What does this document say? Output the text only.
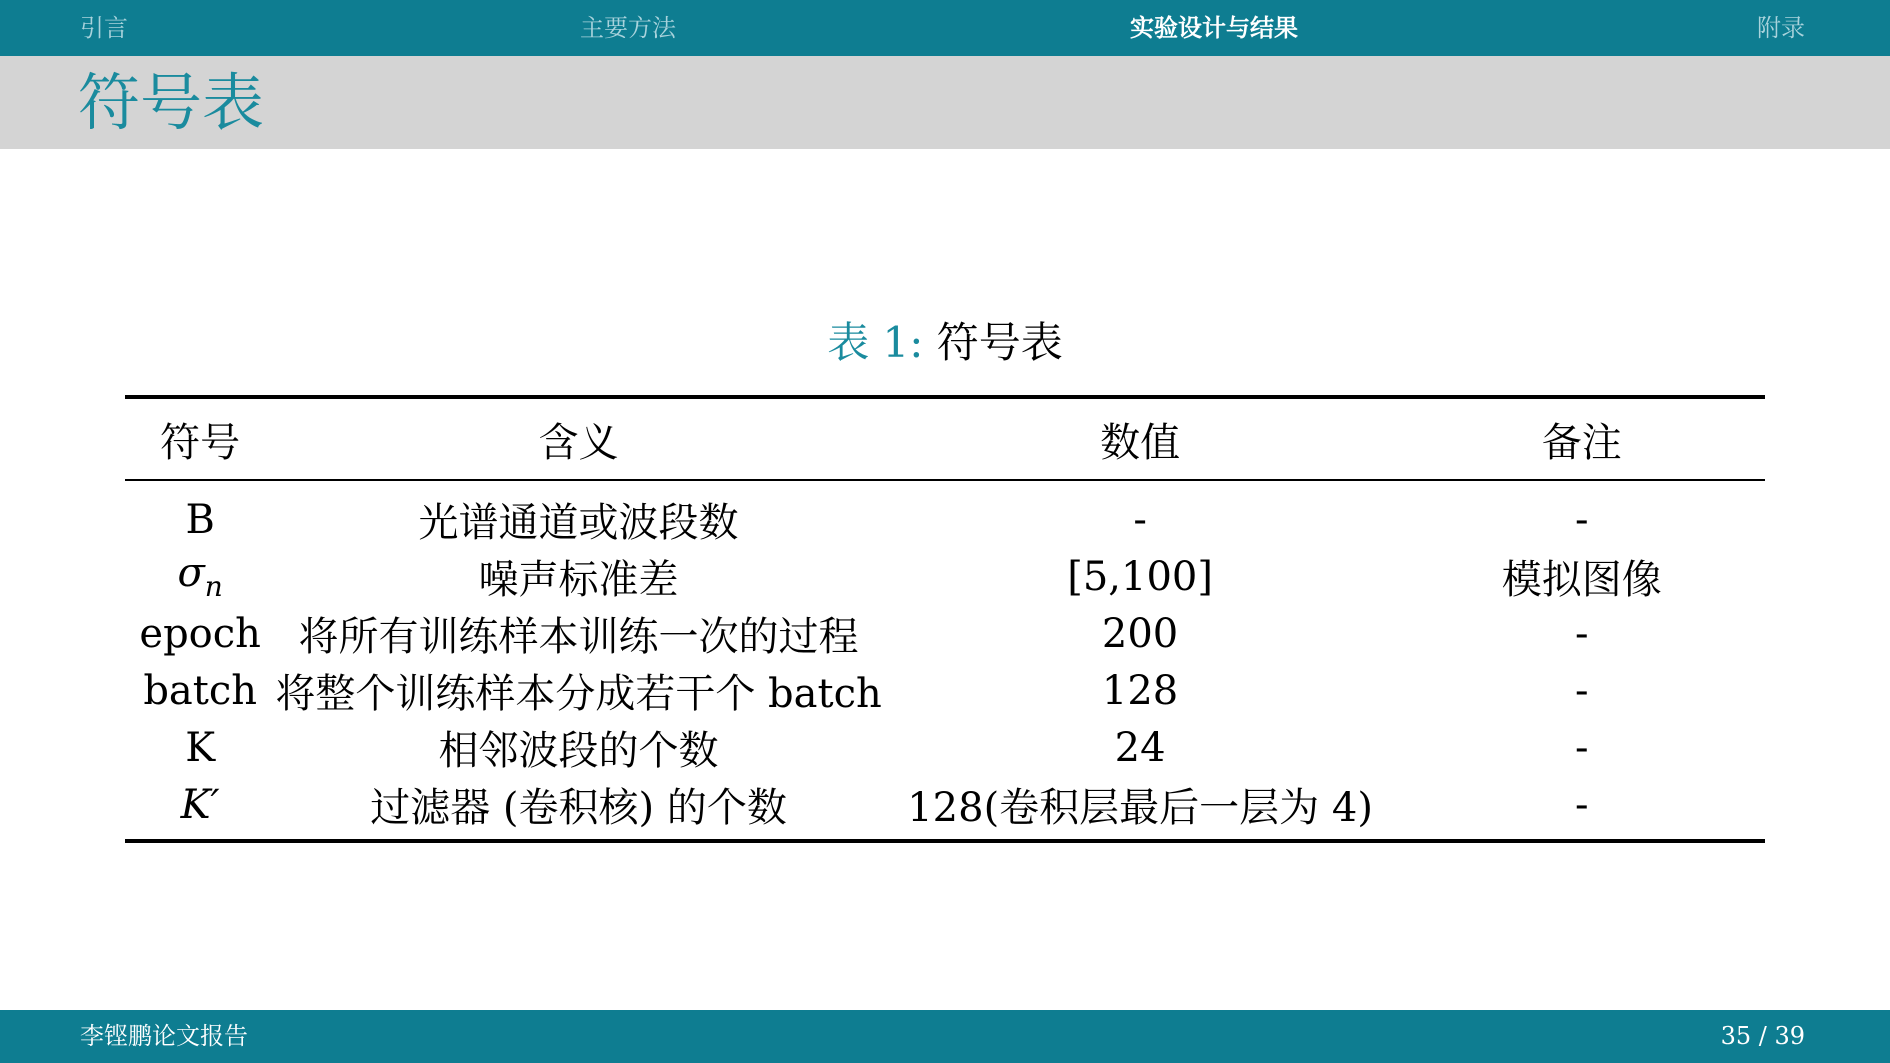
引言	主要方法	实验设计与结果	附录
符号表
表 1: 符号表
符号	含义	数值	备注
B	光谱通道或波段数	-	-
$\sigma_n$	噪声标准差	[5,100]	模拟图像
epoch	将所有训练样本训练一次的过程	200	-
batch	将整个训练样本分成若干个 batch	128	-
K	相邻波段的个数	24	-
K′	过滤器 (卷积核) 的个数	128(卷积层最后一层为 4)	-
李铿鹏论文报告	35 / 39
